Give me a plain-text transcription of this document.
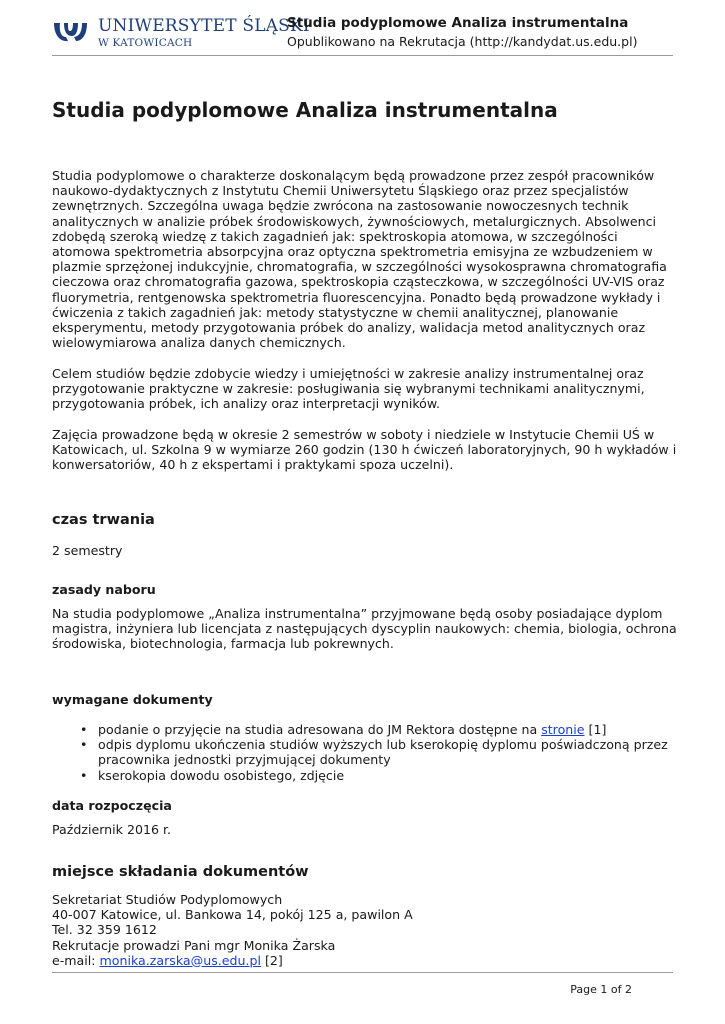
UNIWERSYTET ŚLĄSKI
W KATOWICACH
Studia podyplomowe Analiza instrumentalna
Opublikowano na Rekrutacja (http://kandydat.us.edu.pl)
Studia podyplomowe Analiza instrumentalna
Studia podyplomowe o charakterze doskonalącym będą prowadzone przez zespół pracowników naukowo-dydaktycznych z Instytutu Chemii Uniwersytetu Śląskiego oraz przez specjalistów zewnętrznych. Szczególna uwaga będzie zwrócona na zastosowanie nowoczesnych technik analitycznych w analizie próbek środowiskowych, żywnościowych, metalurgicznych. Absolwenci zdobędą szeroką wiedzę z takich zagadnień jak: spektroskopia atomowa, w szczególności atomowa spektrometria absorpcyjna oraz optyczna spektrometria emisyjna ze wzbudzeniem w plazmie sprzężonej indukcyjnie, chromatografia, w szczególności wysokosprawna chromatografia cieczowa oraz chromatografia gazowa, spektroskopia cząsteczkowa, w szczególności UV-VIS oraz fluorymetria, rentgenowska spektrometria fluorescencyjna. Ponadto będą prowadzone wykłady i ćwiczenia z takich zagadnień jak: metody statystyczne w chemii analitycznej, planowanie eksperymentu, metody przygotowania próbek do analizy, walidacja metod analitycznych oraz wielowymiarowa analiza danych chemicznych.
Celem studiów będzie zdobycie wiedzy i umiejętności w zakresie analizy instrumentalnej oraz przygotowanie praktyczne w zakresie: posługiwania się wybranymi technikami analitycznymi, przygotowania próbek, ich analizy oraz interpretacji wyników.
Zajęcia prowadzone będą w okresie 2 semestrów w soboty i niedziele w Instytucie Chemii UŚ w Katowicach, ul. Szkolna 9 w wymiarze 260 godzin (130 h ćwiczeń laboratoryjnych, 90 h wykładów i konwersatoriów, 40 h z ekspertami i praktykami spoza uczelni).
czas trwania
2 semestry
zasady naboru
Na studia podyplomowe „Analiza instrumentalna” przyjmowane będą osoby posiadające dyplom magistra, inżyniera lub licencjata z następujących dyscyplin naukowych: chemia, biologia, ochrona środowiska, biotechnologia, farmacja lub pokrewnych.
wymagane dokumenty
• podanie o przyjęcie na studia adresowana do JM Rektora dostępne na stronie [1]
• odpis dyplomu ukończenia studiów wyższych lub kserokopię dyplomu poświadczoną przez pracownika jednostki przyjmującej dokumenty
• kserokopia dowodu osobistego, zdjęcie
data rozpoczęcia
Październik 2016 r.
miejsce składania dokumentów
Sekretariat Studiów Podyplomowych
40-007 Katowice, ul. Bankowa 14, pokój 125 a, pawilon A
Tel. 32 359 1612
Rekrutacje prowadzi Pani mgr Monika Żarska
e-mail: monika.zarska@us.edu.pl [2]
Page 1 of 2
